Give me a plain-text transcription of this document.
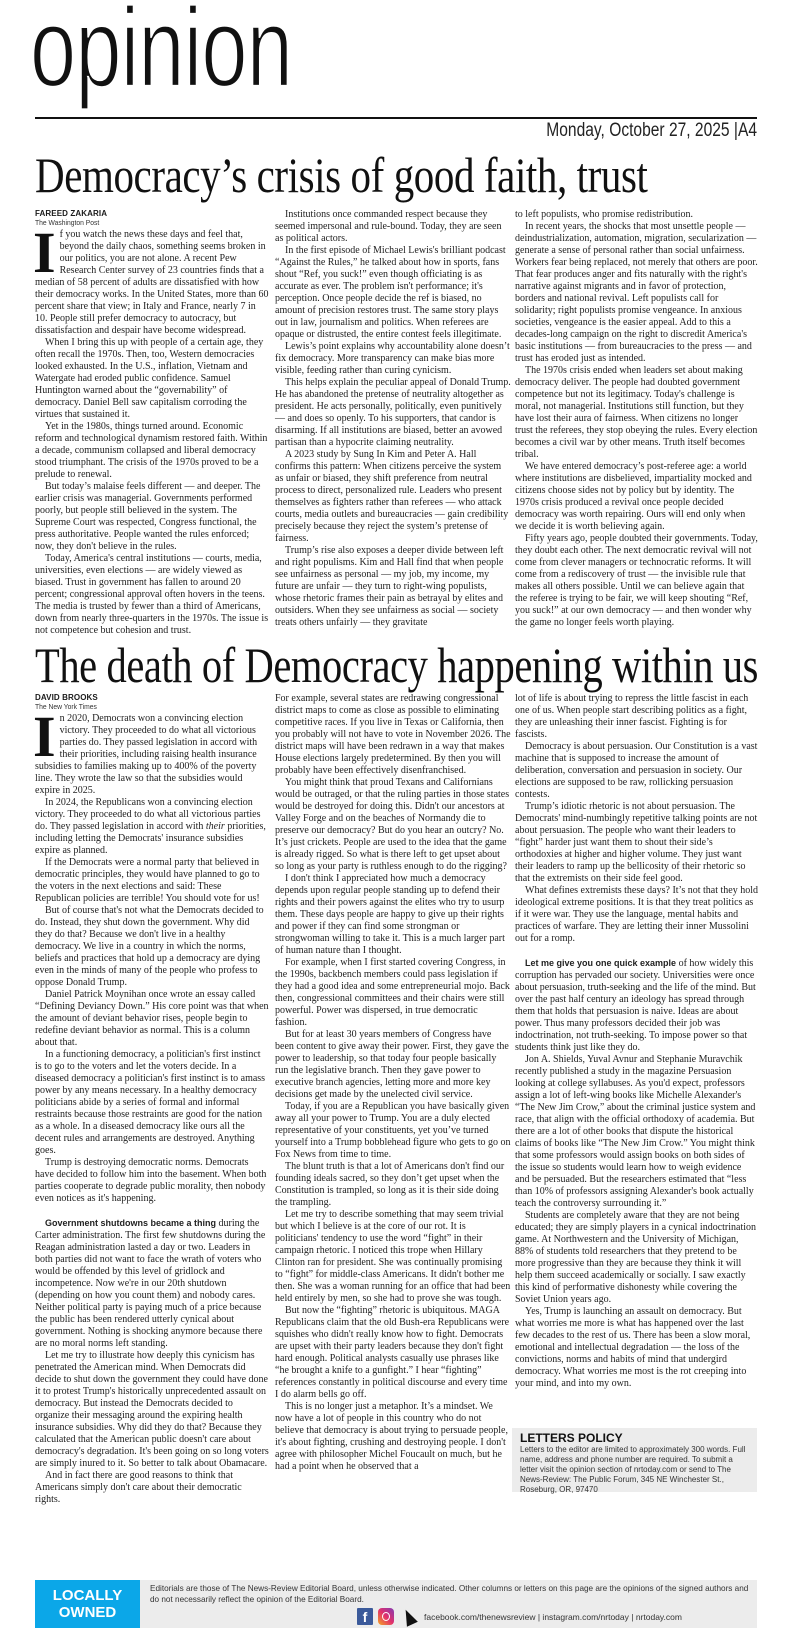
opinion
Monday, October 27, 2025 |A4
Democracy’s crisis of good faith, trust
FAREED ZAKARIA
The Washington Post

If you watch the news these days and feel that, beyond the daily chaos, something seems broken in our politics, you are not alone. A recent Pew Research Center survey of 23 countries finds that a median of 58 percent of adults are dissatisfied with how their democracy works. In the United States, more than 60 percent share that view; in Italy and France, nearly 7 in 10. People still prefer democracy to autocracy, but dissatisfaction and despair have become widespread.

When I bring this up with people of a certain age, they often recall the 1970s. Then, too, Western democracies looked exhausted. In the U.S., inflation, Vietnam and Watergate had eroded public confidence. Samuel Huntington warned about the “governability” of democracy. Daniel Bell saw capitalism corroding the virtues that sustained it.

Yet in the 1980s, things turned around. Economic reform and technological dynamism restored faith. Within a decade, communism collapsed and liberal democracy stood triumphant. The crisis of the 1970s proved to be a prelude to renewal.

But today’s malaise feels different — and deeper. The earlier crisis was managerial. Governments performed poorly, but people still believed in the system. The Supreme Court was respected, Congress functional, the press authoritative. People wanted the rules enforced; now, they don't believe in the rules.

Today, America's central institutions — courts, media, universities, even elections — are widely viewed as biased. Trust in government has fallen to around 20 percent; congressional approval often hovers in the teens. The media is trusted by fewer than a third of Americans, down from nearly three-quarters in the 1970s. The issue is not competence but cohesion and trust.

Institutions once commanded respect because they seemed impersonal and rule-bound. Today, they are seen as political actors.

In the first episode of Michael Lewis's brilliant podcast “Against the Rules,” he talked about how in sports, fans shout “Ref, you suck!” even though officiating is as accurate as ever. The problem isn't performance; it's perception. Once people decide the ref is biased, no amount of precision restores trust. The same story plays out in law, journalism and politics. When referees are opaque or distrusted, the entire contest feels illegitimate.

Lewis’s point explains why accountability alone doesn’t fix democracy. More transparency can make bias more visible, feeding rather than curing cynicism.

This helps explain the peculiar appeal of Donald Trump. He has abandoned the pretense of neutrality altogether as president. He acts personally, politically, even punitively — and does so openly. To his supporters, that candor is disarming. If all institutions are biased, better an avowed partisan than a hypocrite claiming neutrality.

A 2023 study by Sung In Kim and Peter A. Hall confirms this pattern: When citizens perceive the system as unfair or biased, they shift preference from neutral process to direct, personalized rule. Leaders who present themselves as fighters rather than referees — who attack courts, media outlets and bureaucracies — gain credibility precisely because they reject the system’s pretense of fairness.

Trump’s rise also exposes a deeper divide between left and right populisms. Kim and Hall find that when people see unfairness as personal — my job, my income, my future are unfair — they turn to right-wing populists, whose rhetoric frames their pain as betrayal by elites and outsiders. When they see unfairness as social — society treats others unfairly — they gravitate

to left populists, who promise redistribution.

In recent years, the shocks that most unsettle people — deindustrialization, automation, migration, secularization — generate a sense of personal rather than social unfairness. Workers fear being replaced, not merely that others are poor. That fear produces anger and fits naturally with the right's narrative against migrants and in favor of protection, borders and national revival. Left populists call for solidarity; right populists promise vengeance. In anxious societies, vengeance is the easier appeal. Add to this a decades-long campaign on the right to discredit America's basic institutions — from bureaucracies to the press — and trust has eroded just as intended.

The 1970s crisis ended when leaders set about making democracy deliver. The people had doubted government competence but not its legitimacy. Today's challenge is moral, not managerial. Institutions still function, but they have lost their aura of fairness. When citizens no longer trust the referees, they stop obeying the rules. Every election becomes a civil war by other means. Truth itself becomes tribal.

We have entered democracy’s post-referee age: a world where institutions are disbelieved, impartiality mocked and citizens choose sides not by policy but by identity. The 1970s crisis produced a revival once people decided democracy was worth repairing. Ours will end only when we decide it is worth believing again.

Fifty years ago, people doubted their governments. Today, they doubt each other. The next democratic revival will not come from clever managers or technocratic reforms. It will come from a rediscovery of trust — the invisible rule that makes all others possible. Until we can believe again that the referee is trying to be fair, we will keep shouting “Ref, you suck!” at our own democracy — and then wonder why the game no longer feels worth playing.

The death of Democracy happening within us
DAVID BROOKS
The New York Times

In 2020, Democrats won a convincing election victory. They proceeded to do what all victorious parties do. They passed legislation in accord with their priorities, including raising health insurance subsidies to families making up to 400% of the poverty line. They wrote the law so that the subsidies would expire in 2025.

In 2024, the Republicans won a convincing election victory. They proceeded to do what all victorious parties do. They passed legislation in accord with their priorities, including letting the Democrats' insurance subsidies expire as planned.

If the Democrats were a normal party that believed in democratic principles, they would have planned to go to the voters in the next elections and said: These Republican policies are terrible! You should vote for us!

But of course that's not what the Democrats decided to do. Instead, they shut down the government. Why did they do that? Because we don't live in a healthy democracy. We live in a country in which the norms, beliefs and practices that hold up a democracy are dying even in the minds of many of the people who profess to oppose Donald Trump.

Daniel Patrick Moynihan once wrote an essay called “Defining Deviancy Down.” His core point was that when the amount of deviant behavior rises, people begin to redefine deviant behavior as normal. This is a column about that.

In a functioning democracy, a politician's first instinct is to go to the voters and let the voters decide. In a diseased democracy a politician's first instinct is to amass power by any means necessary. In a healthy democracy politicians abide by a series of formal and informal restraints because those restraints are good for the nation as a whole. In a diseased democracy like ours all the decent rules and arrangements are destroyed. Anything goes.

Trump is destroying democratic norms. Democrats have decided to follow him into the basement. When both parties cooperate to degrade public morality, then nobody even notices as it's happening.

Government shutdowns became a thing during the Carter administration. The first few shutdowns during the Reagan administration lasted a day or two. Leaders in both parties did not want to face the wrath of voters who would be offended by this level of gridlock and incompetence. Now we're in our 20th shutdown (depending on how you count them) and nobody cares. Neither political party is paying much of a price because the public has been rendered utterly cynical about government. Nothing is shocking anymore because there are no moral norms left standing.

Let me try to illustrate how deeply this cynicism has penetrated the American mind. When Democrats did decide to shut down the government they could have done it to protest Trump's historically unprecedented assault on democracy. But instead the Democrats decided to organize their messaging around the expiring health insurance subsidies. Why did they do that? Because they calculated that the American public doesn't care about democracy's degradation. It's been going on so long voters are simply inured to it. So better to talk about Obamacare.

And in fact there are good reasons to think that Americans simply don't care about their democratic rights.

For example, several states are redrawing congressional district maps to come as close as possible to eliminating competitive races. If you live in Texas or California, then you probably will not have to vote in November 2026. The district maps will have been redrawn in a way that makes House elections largely predetermined. By then you will probably have been effectively disenfranchised.

You might think that proud Texans and Californians would be outraged, or that the ruling parties in those states would be destroyed for doing this. Didn't our ancestors at Valley Forge and on the beaches of Normandy die to preserve our democracy? But do you hear an outcry? No. It’s just crickets. People are used to the idea that the game is already rigged. So what is there left to get upset about so long as your party is ruthless enough to do the rigging?

I don't think I appreciated how much a democracy depends upon regular people standing up to defend their rights and their powers against the elites who try to usurp them. These days people are happy to give up their rights and power if they can find some strongman or strongwoman willing to take it. This is a much larger part of human nature than I thought.

For example, when I first started covering Congress, in the 1990s, backbench members could pass legislation if they had a good idea and some entrepreneurial mojo. Back then, congressional committees and their chairs were still powerful. Power was dispersed, in true democratic fashion.

But for at least 30 years members of Congress have been content to give away their power. First, they gave the power to leadership, so that today four people basically run the legislative branch. Then they gave power to executive branch agencies, letting more and more key decisions get made by the unelected civil service.

Today, if you are a Republican you have basically given away all your power to Trump. You are a duly elected representative of your constituents, yet you’ve turned yourself into a Trump bobblehead figure who gets to go on Fox News from time to time.

The blunt truth is that a lot of Americans don't find our founding ideals sacred, so they don’t get upset when the Constitution is trampled, so long as it is their side doing the trampling.

Let me try to describe something that may seem trivial but which I believe is at the core of our rot. It is politicians' tendency to use the word “fight” in their campaign rhetoric. I noticed this trope when Hillary Clinton ran for president. She was continually promising to “fight” for middle-class Americans. It didn't bother me then. She was a woman running for an office that had been held entirely by men, so she had to prove she was tough.

But now the “fighting” rhetoric is ubiquitous. MAGA Republicans claim that the old Bush-era Republicans were squishes who didn't really know how to fight. Democrats are upset with their party leaders because they don't fight hard enough. Political analysts casually use phrases like “he brought a knife to a gunfight.” I hear “fighting” references constantly in political discourse and every time I do alarm bells go off.

This is no longer just a metaphor. It’s a mindset. We now have a lot of people in this country who do not believe that democracy is about trying to persuade people, it's about fighting, crushing and destroying people. I don't agree with philosopher Michel Foucault on much, but he had a point when he observed that a

lot of life is about trying to repress the little fascist in each one of us. When people start describing politics as a fight, they are unleashing their inner fascist. Fighting is for fascists.

Democracy is about persuasion. Our Constitution is a vast machine that is supposed to increase the amount of deliberation, conversation and persuasion in society. Our elections are supposed to be raw, rollicking persuasion contests.

Trump’s idiotic rhetoric is not about persuasion. The Democrats' mind-numbingly repetitive talking points are not about persuasion. The people who want their leaders to “fight” harder just want them to shout their side’s orthodoxies at higher and higher volume. They just want their leaders to ramp up the bellicosity of their rhetoric so that the extremists on their side feel good.

What defines extremists these days? It’s not that they hold ideological extreme positions. It is that they treat politics as if it were war. They use the language, mental habits and practices of warfare. They are letting their inner Mussolini out for a romp.

Let me give you one quick example of how widely this corruption has pervaded our society. Universities were once about persuasion, truth-seeking and the life of the mind. But over the past half century an ideology has spread through them that holds that persuasion is naive. Ideas are about power. Thus many professors decided their job was indoctrination, not truth-seeking. To impose power so that students think just like they do.

Jon A. Shields, Yuval Avnur and Stephanie Muravchik recently published a study in the magazine Persuasion looking at college syllabuses. As you'd expect, professors assign a lot of left-wing books like Michelle Alexander's “The New Jim Crow,” about the criminal justice system and race, that align with the official orthodoxy of academia. But there are a lot of other books that dispute the historical claims of books like “The New Jim Crow.” You might think that some professors would assign books on both sides of the issue so students would learn how to weigh evidence and be persuaded. But the researchers estimated that “less than 10% of professors assigning Alexander's book actually teach the controversy surrounding it.”

Students are completely aware that they are not being educated; they are simply players in a cynical indoctrination game. At Northwestern and the University of Michigan, 88% of students told researchers that they pretend to be more progressive than they are because they think it will help them succeed academically or socially. I saw exactly this kind of performative dishonesty while covering the Soviet Union years ago.

Yes, Trump is launching an assault on democracy. But what worries me more is what has happened over the last few decades to the rest of us. There has been a slow moral, emotional and intellectual degradation — the loss of the convictions, norms and habits of mind that undergird democracy. What worries me most is the rot creeping into your mind, and into my own.

LETTERS POLICY
Letters to the editor are limited to approximately 300 words. Full name, address and phone number are required. To submit a letter visit the opinion section of nrtoday.com or send to The News-Review: The Public Forum, 345 NE Winchester St., Roseburg, OR, 97470
LOCALLY OWNED
Editorials are those of The News-Review Editorial Board, unless otherwise indicated. Other columns or letters on this page are the opinions of the signed authors and do not necessarily reflect the opinion of the Editorial Board.
f	facebook.com/thenewsreview | instagram.com/nrtoday | nrtoday.com
